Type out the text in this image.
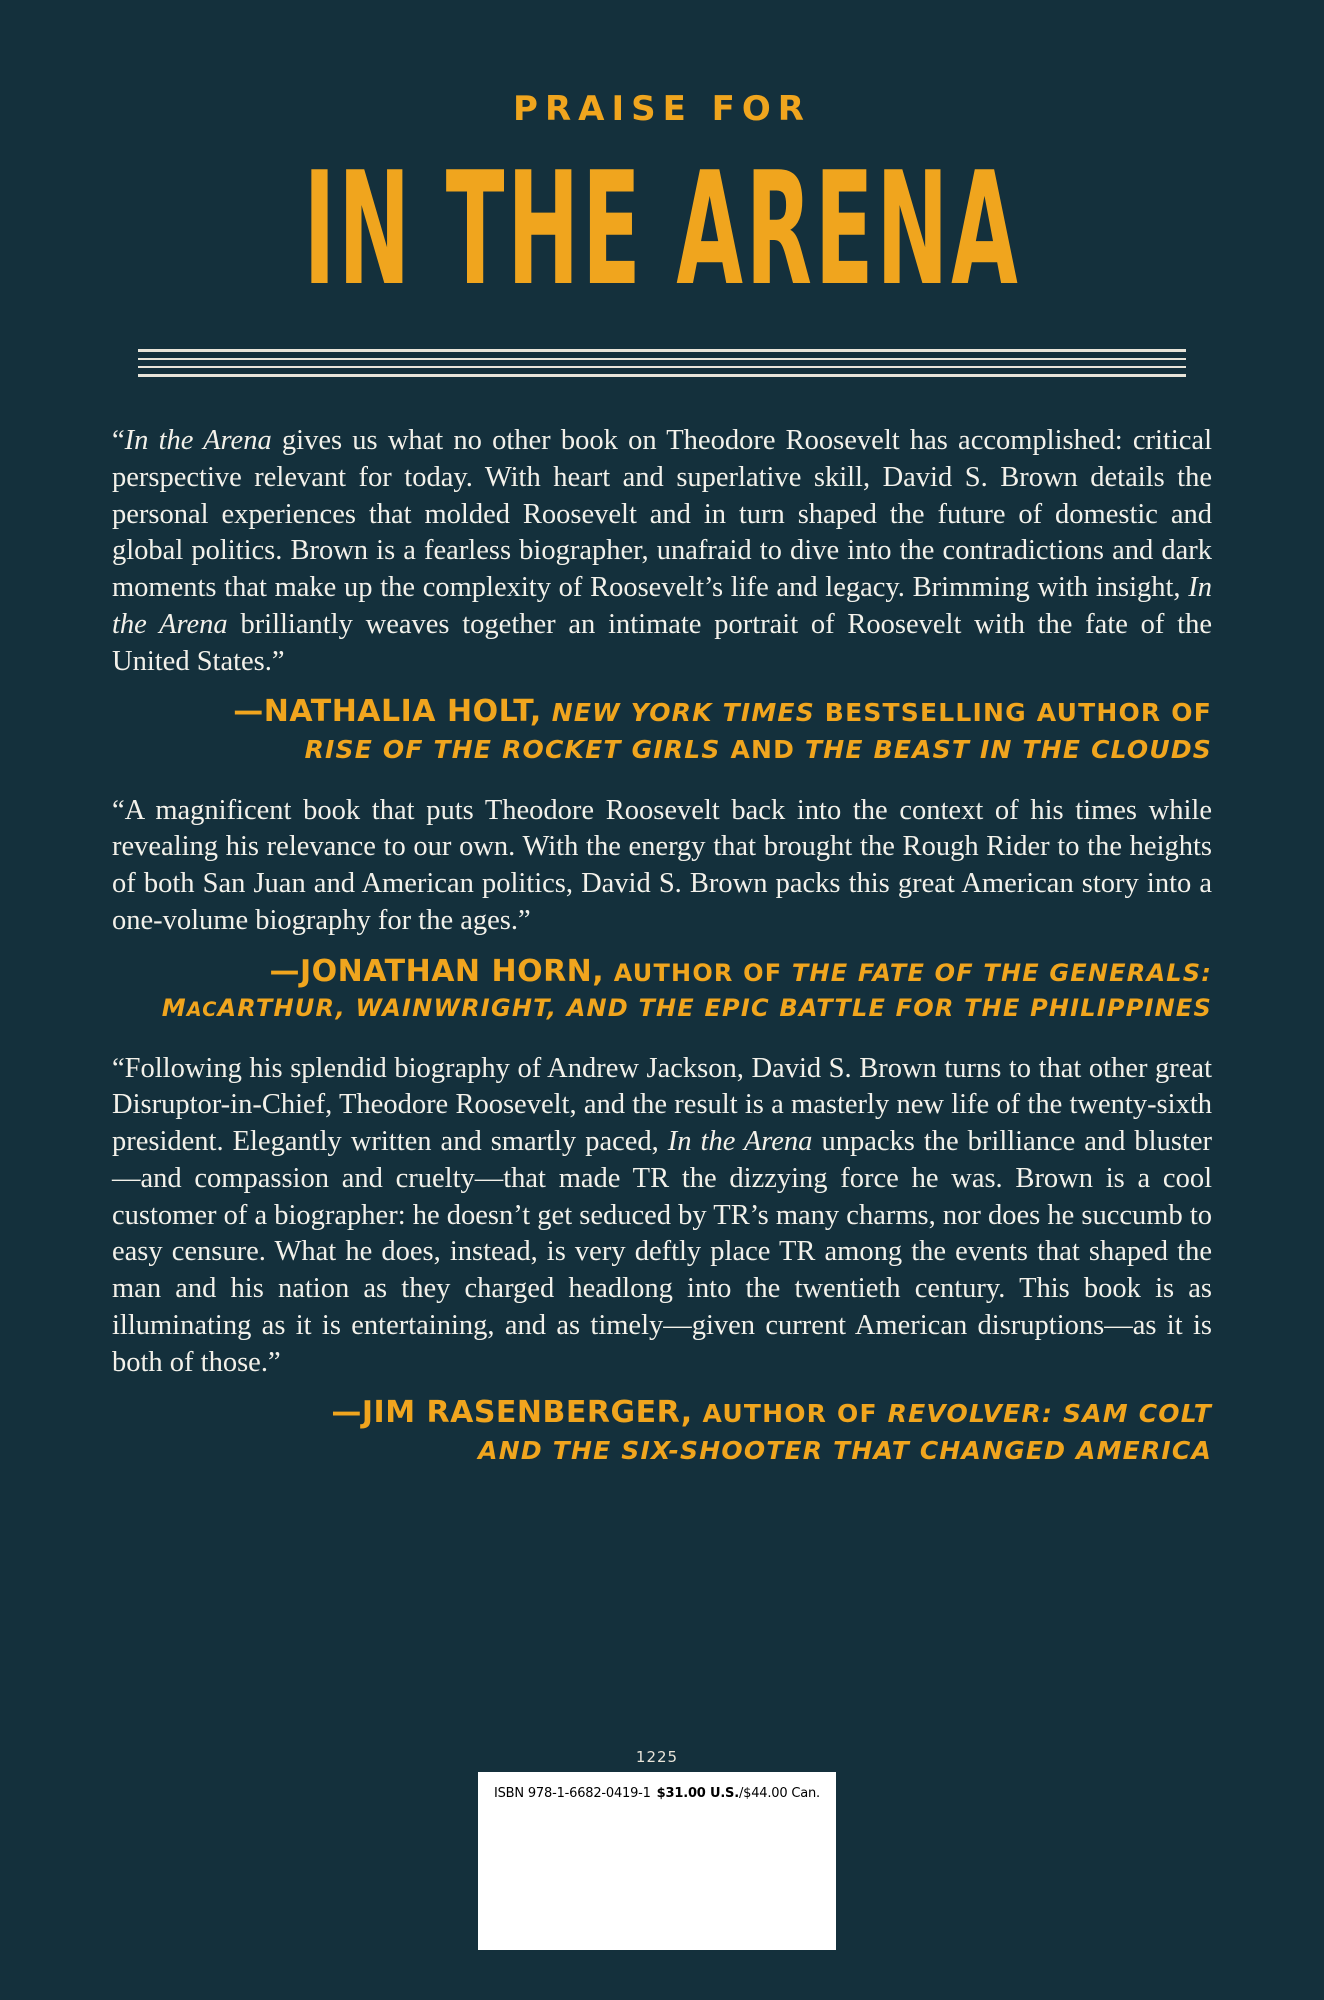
PRAISE FOR
IN THE ARENA

“In the Arena gives us what no other book on Theodore Roosevelt has accomplished: critical perspective relevant for today. With heart and superlative skill, David S. Brown details the personal experiences that molded Roosevelt and in turn shaped the future of domestic and global politics. Brown is a fearless biographer, unafraid to dive into the contradictions and dark moments that make up the complexity of Roosevelt’s life and legacy. Brimming with insight, In the Arena brilliantly weaves together an intimate portrait of Roosevelt with the fate of the United States.”

—NATHALIA HOLT, NEW YORK TIMES BESTSELLING AUTHOR OF
RISE OF THE ROCKET GIRLS AND THE BEAST IN THE CLOUDS

“A magnificent book that puts Theodore Roosevelt back into the context of his times while revealing his relevance to our own. With the energy that brought the Rough Rider to the heights of both San Juan and American politics, David S. Brown packs this great American story into a one-volume biography for the ages.”

—JONATHAN HORN, AUTHOR OF THE FATE OF THE GENERALS:
MACARTHUR, WAINWRIGHT, AND THE EPIC BATTLE FOR THE PHILIPPINES

“Following his splendid biography of Andrew Jackson, David S. Brown turns to that other great Disruptor-in-Chief, Theodore Roosevelt, and the result is a masterly new life of the twenty-sixth president. Elegantly written and smartly paced, In the Arena unpacks the brilliance and bluster—and compassion and cruelty—that made TR the dizzying force he was. Brown is a cool customer of a biographer: he doesn’t get seduced by TR’s many charms, nor does he succumb to easy censure. What he does, instead, is very deftly place TR among the events that shaped the man and his nation as they charged headlong into the twentieth century. This book is as illuminating as it is entertaining, and as timely—given current American disruptions—as it is both of those.”

—JIM RASENBERGER, AUTHOR OF REVOLVER: SAM COLT
AND THE SIX-SHOOTER THAT CHANGED AMERICA
1225
ISBN 978-1-6682-0419-1 $31.00 U.S./$44.00 Can.
